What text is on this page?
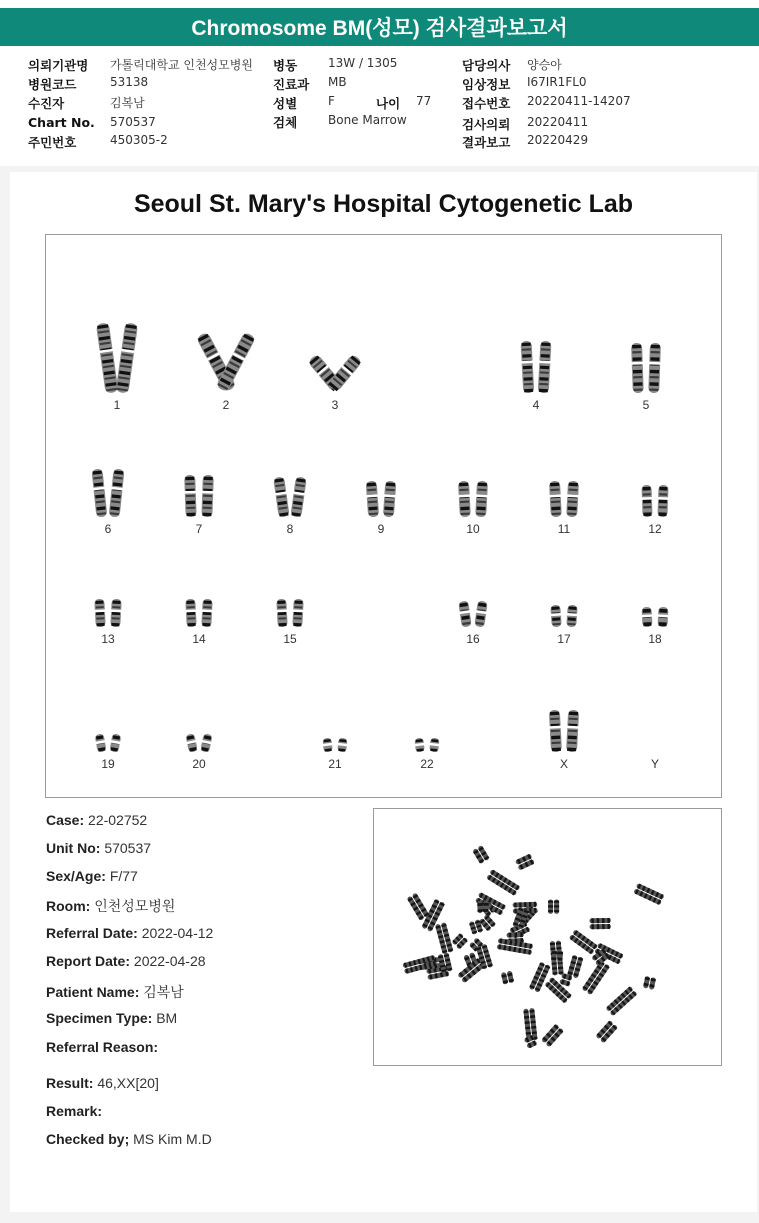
Chromosome BM(성모) 검사결과보고서
의뢰기관명 가톨릭대학교 인천성모병원
병원코드	53138
수진자	김복남
Chart No. 570537
주민번호	450305-2
병동	13W / 1305
진료과 MB
성별	F	나이 77
검체	Bone Marrow
담당의사 양승아
임상정보 I67IR1FL0
접수번호 20220411-14207
검사의뢰 20220411
결과보고 20220429
Seoul St. Mary's Hospital Cytogenetic Lab
1	2	3	4	5
6	7	8	9	10	11	12
13	14	15	16	17	18
19	20	21	22	X	Y
Case: 22-02752
Unit No: 570537
Sex/Age: F/77
Room: 인천성모병원
Referral Date: 2022-04-12
Report Date: 2022-04-28
Patient Name: 김복남
Specimen Type: BM
Referral Reason:
Result: 46,XX[20]
Remark:
Checked by; MS Kim M.D
